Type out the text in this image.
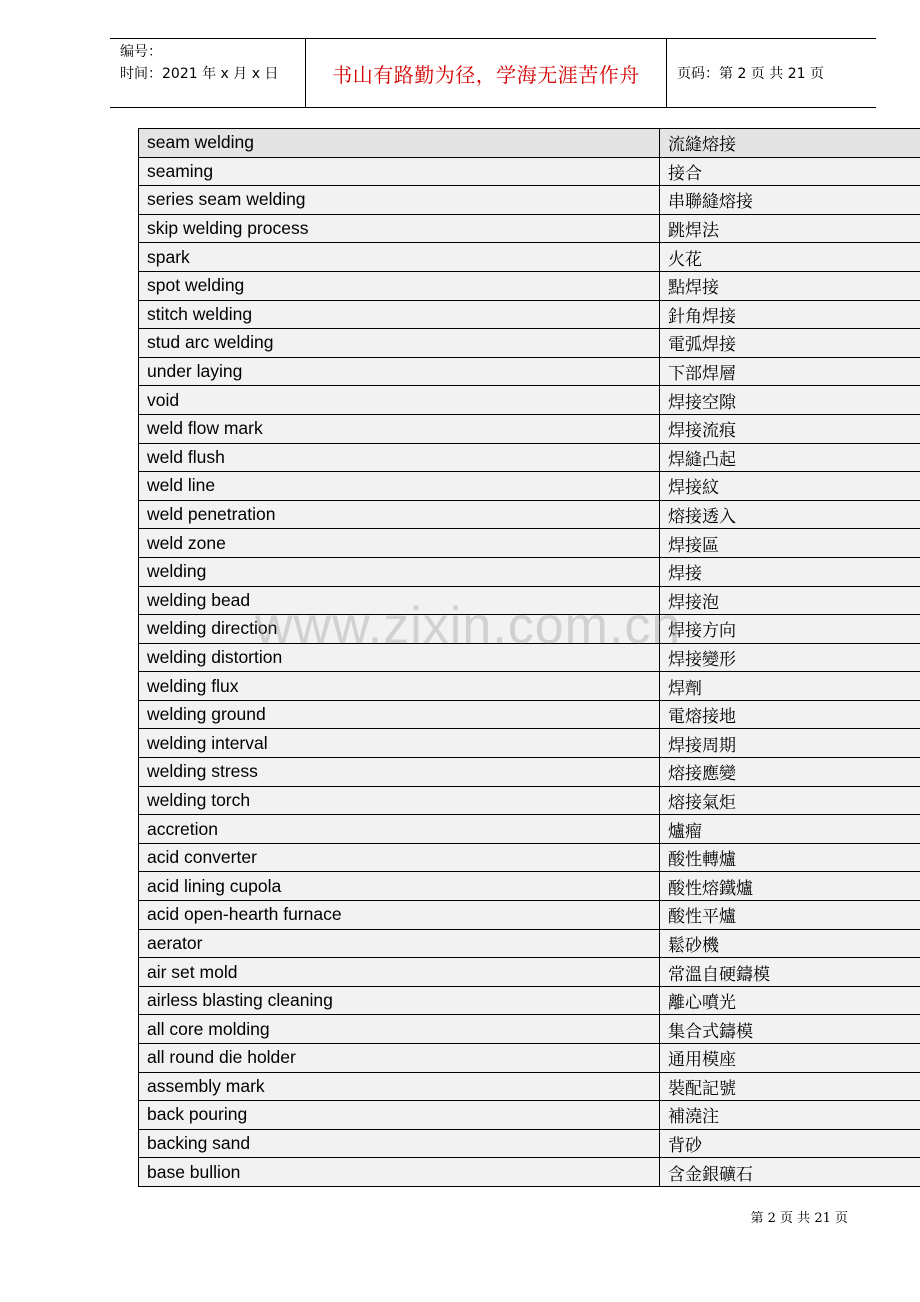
编号：
时间：2021 年 x 月 x 日	书山有路勤为径，学海无涯苦作舟	页码：第 2 页 共 21 页
seam welding	流縫熔接
seaming	接合
series seam welding	串聯縫熔接
skip welding process	跳焊法
spark	火花
spot welding	點焊接
stitch welding	針角焊接
stud arc welding	電弧焊接
under laying	下部焊層
void	焊接空隙
weld flow mark	焊接流痕
weld flush	焊縫凸起
weld line	焊接紋
weld penetration	熔接透入
weld zone	焊接區
welding	焊接
welding bead	焊接泡
welding direction	焊接方向
welding distortion	焊接變形
welding flux	焊劑
welding ground	電熔接地
welding interval	焊接周期
welding stress	熔接應變
welding torch	熔接氣炬
accretion	爐瘤
acid converter	酸性轉爐
acid lining cupola	酸性熔鐵爐
acid open-hearth furnace	酸性平爐
aerator	鬆砂機
air set mold	常溫自硬鑄模
airless blasting cleaning	離心噴光
all core molding	集合式鑄模
all round die holder	通用模座
assembly mark	裝配記號
back pouring	補澆注
backing sand	背砂
base bullion	含金銀礦石
www.zixin.com.cn
第 2 页 共 21 页
